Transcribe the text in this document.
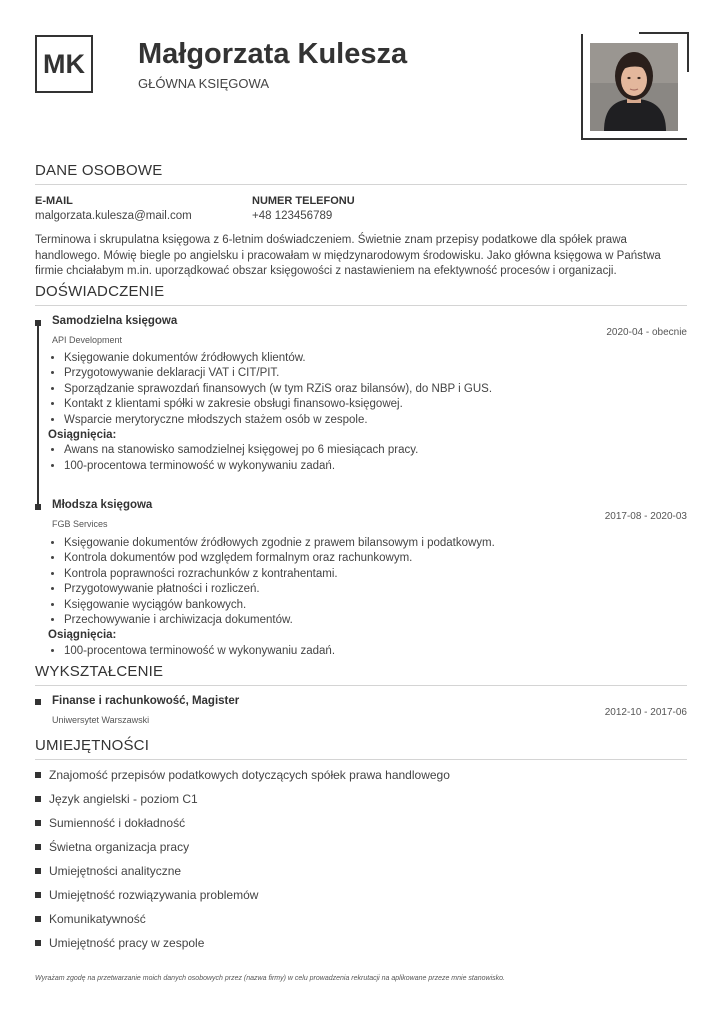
MK Małgorzata Kulesza
GŁÓWNA KSIĘGOWA
DANE OSOBOWE
E-MAIL
malgorzata.kulesza@mail.com
NUMER TELEFONU
+48 123456789
Terminowa i skrupulatna księgowa z 6-letnim doświadczeniem. Świetnie znam przepisy podatkowe dla spółek prawa handlowego. Mówię biegle po angielsku i pracowałam w międzynarodowym środowisku. Jako główna księgowa w Państwa firmie chciałabym m.in. uporządkować obszar księgowości z nastawieniem na efektywność procesów i organizacji.
DOŚWIADCZENIE
Samodzielna księgowa
API Development
2020-04 - obecnie
• Księgowanie dokumentów źródłowych klientów.
• Przygotowywanie deklaracji VAT i CIT/PIT.
• Sporządzanie sprawozdań finansowych (w tym RZiS oraz bilansów), do NBP i GUS.
• Kontakt z klientami spółki w zakresie obsługi finansowo-księgowej.
• Wsparcie merytoryczne młodszych stażem osób w zespole.
Osiągnięcia:
• Awans na stanowisko samodzielnej księgowej po 6 miesiącach pracy.
• 100-procentowa terminowość w wykonywaniu zadań.
Młodsza księgowa
FGB Services
2017-08 - 2020-03
• Księgowanie dokumentów źródłowych zgodnie z prawem bilansowym i podatkowym.
• Kontrola dokumentów pod względem formalnym oraz rachunkowym.
• Kontrola poprawności rozrachunków z kontrahentami.
• Przygotowywanie płatności i rozliczeń.
• Księgowanie wyciągów bankowych.
• Przechowywanie i archiwizacja dokumentów.
Osiągnięcia:
• 100-procentowa terminowość w wykonywaniu zadań.
WYKSZTAŁCENIE
Finanse i rachunkowość, Magister
Uniwersytet Warszawski
2012-10 - 2017-06
UMIEJĘTNOŚCI
Znajomość przepisów podatkowych dotyczących spółek prawa handlowego
Język angielski - poziom C1
Sumienność i dokładność
Świetna organizacja pracy
Umiejętności analityczne
Umiejętność rozwiązywania problemów
Komunikatywność
Umiejętność pracy w zespole
Wyrażam zgodę na przetwarzanie moich danych osobowych przez (nazwa firmy) w celu prowadzenia rekrutacji na aplikowane przeze mnie stanowisko.
